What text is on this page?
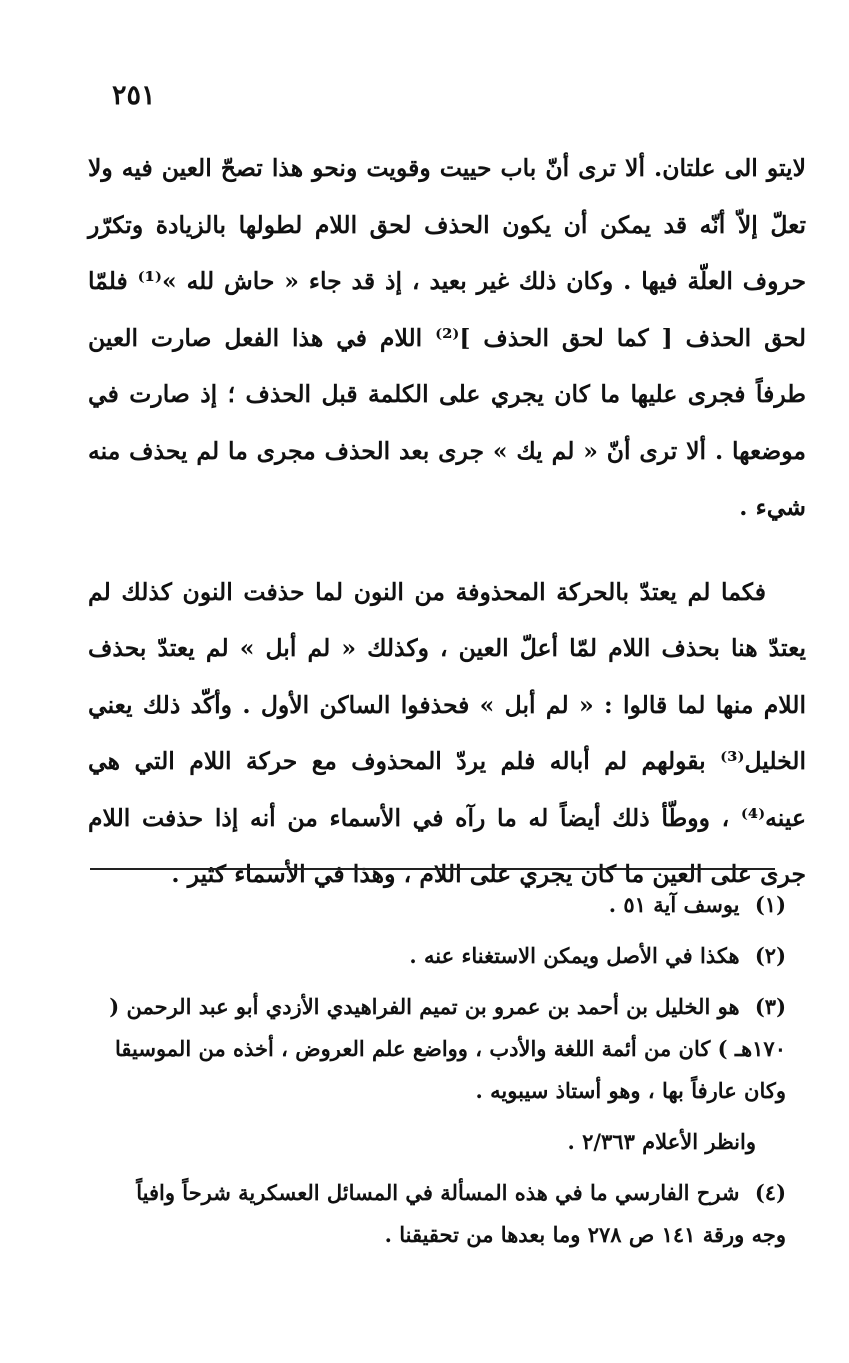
٢٥١

لايتو الى علتان. ألا ترى أنّ باب حييت وقويت ونحو هذا تصحّ العين فيه ولا تعلّ إلاّ أنّه قد يمكن أن يكون الحذف لحق اللام لطولها بالزيادة وتكرّر حروف العلّة فيها . وكان ذلك غير بعيد ، إذ قد جاء « حاش لله »⁽¹⁾ فلمّا لحق الحذف [ كما لحق الحذف ]⁽²⁾ اللام في هذا الفعل صارت العين طرفاً فجرى عليها ما كان يجري على الكلمة قبل الحذف ؛ إذ صارت في موضعها . ألا ترى أنّ « لم يك » جرى بعد الحذف مجرى ما لم يحذف منه شيء .

فكما لم يعتدّ بالحركة المحذوفة من النون لما حذفت النون كذلك لم يعتدّ هنا بحذف اللام لمّا أعلّ العين ، وكذلك « لم أبل » لم يعتدّ بحذف اللام منها لما قالوا : « لم أبل » فحذفوا الساكن الأول . وأكّد ذلك يعني الخليل⁽³⁾ بقولهم لم أباله فلم يردّ المحذوف مع حركة اللام التي هي عينه⁽⁴⁾ ، ووطّأ ذلك أيضاً له ما رآه في الأسماء من أنه إذا حذفت اللام جرى على العين ما كان يجري على اللام ، وهذا في الأسماء كثير .

(١) يوسف آية ٥١ .

(٢) هكذا في الأصل ويمكن الاستغناء عنه .

(٣) هو الخليل بن أحمد بن عمرو بن تميم الفراهيدي الأزدي أبو عبد الرحمن ( ١٧٠هـ ) كان من أئمة اللغة والأدب ، وواضع علم العروض ، أخذه من الموسيقا وكان عارفاً بها ، وهو أستاذ سيبويه .

وانظر الأعلام ٢/٣٦٣ .

(٤) شرح الفارسي ما في هذه المسألة في المسائل العسكرية شرحاً وافياً وجه ورقة ١٤١ ص ٢٧٨ وما بعدها من تحقيقنا .
